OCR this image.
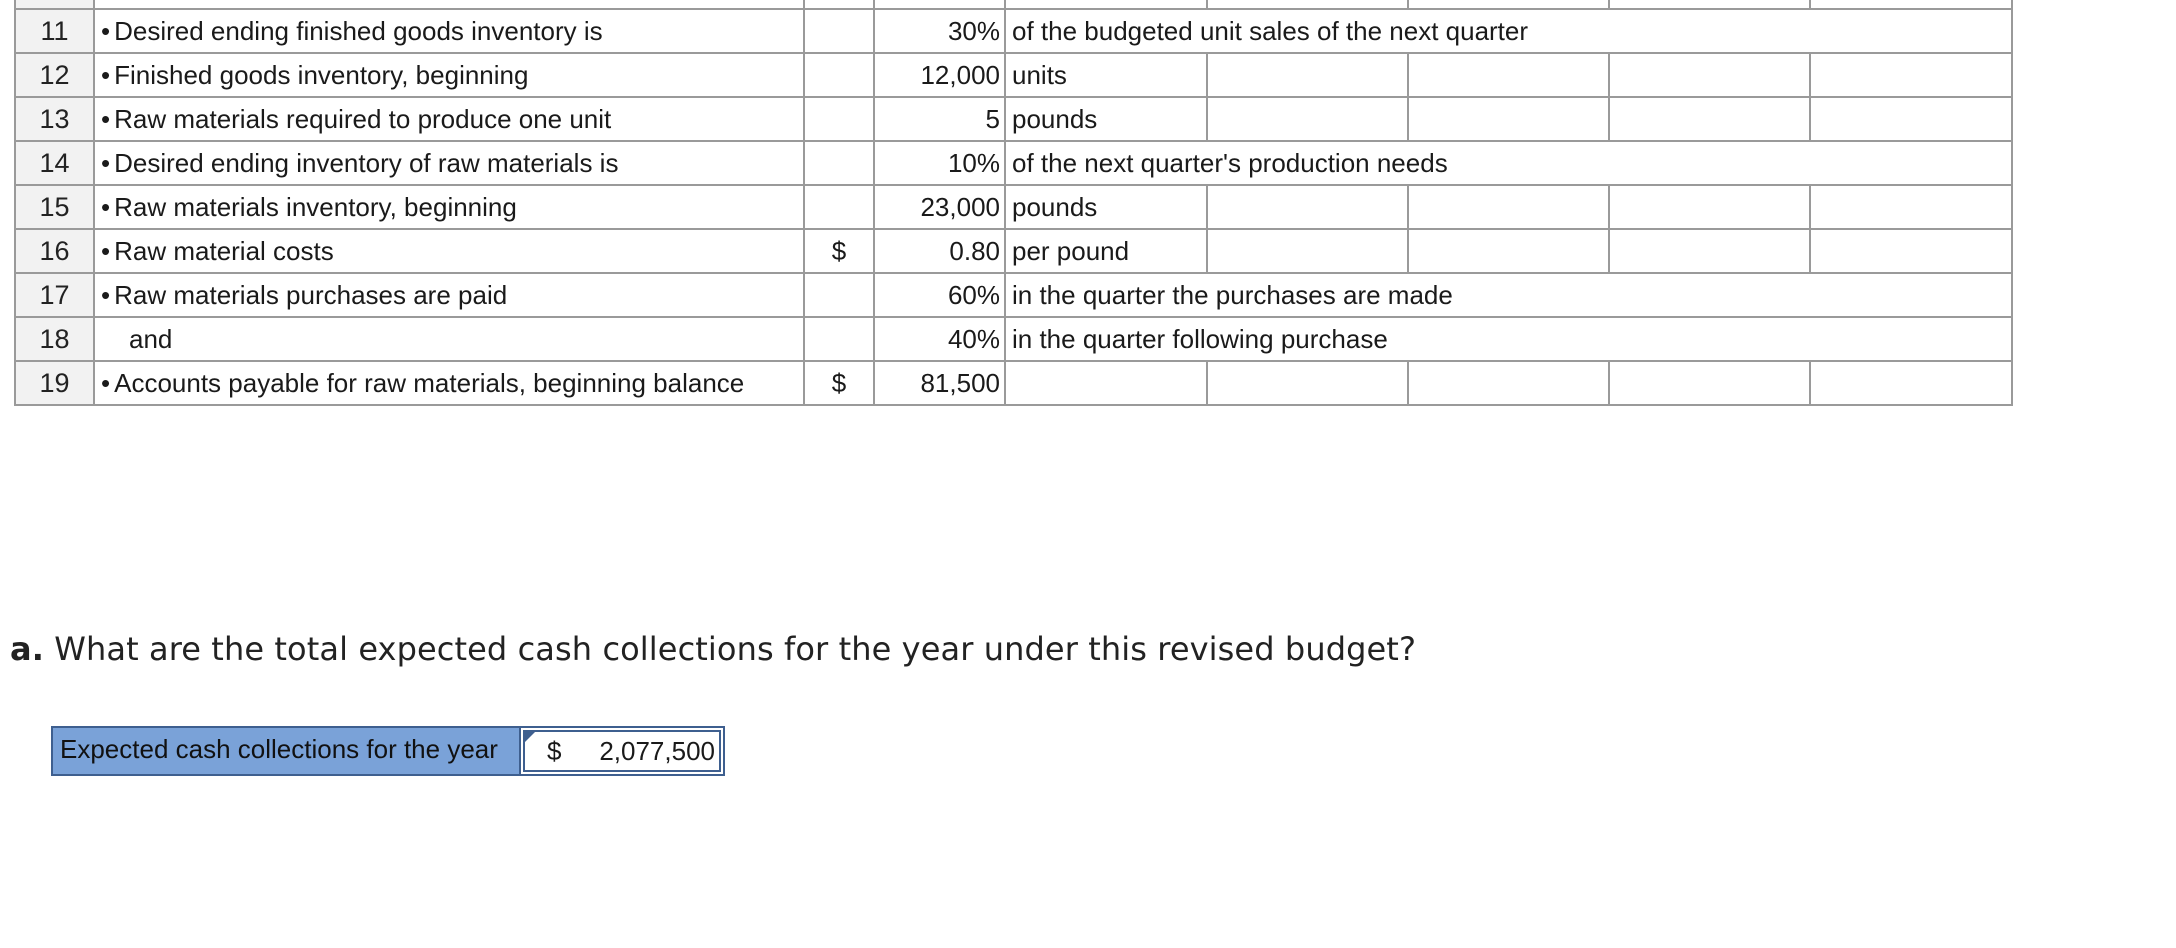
11	• Desired ending finished goods inventory is		30%	of the budgeted unit sales of the next quarter				
12	• Finished goods inventory, beginning		12,000	units				
13	• Raw materials required to produce one unit		5	pounds				
14	• Desired ending inventory of raw materials is		10%	of the next quarter's production needs				
15	• Raw materials inventory, beginning		23,000	pounds				
16	• Raw material costs	$	0.80	per pound				
17	• Raw materials purchases are paid		60%	in the quarter the purchases are made				
18	and		40%	in the quarter following purchase				
19	• Accounts payable for raw materials, beginning balance	$	81,500					
a. What are the total expected cash collections for the year under this revised budget?
Expected cash collections for the year	$	2,077,500
